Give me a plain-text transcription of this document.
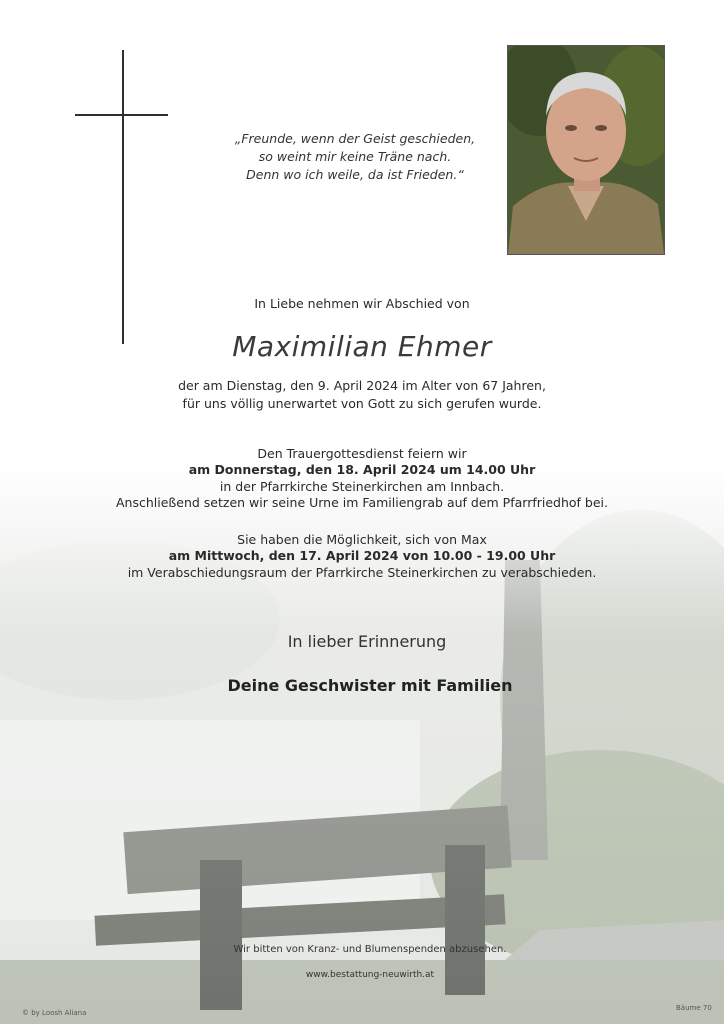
„Freunde, wenn der Geist geschieden,
so weint mir keine Träne nach.
Denn wo ich weile, da ist Frieden.“
In Liebe nehmen wir Abschied von
Maximilian Ehmer
der am Dienstag, den 9. April 2024 im Alter von 67 Jahren,
für uns völlig unerwartet von Gott zu sich gerufen wurde.
Den Trauergottesdienst feiern wir
am Donnerstag, den 18. April 2024 um 14.00 Uhr
in der Pfarrkirche Steinerkirchen am Innbach.
Anschließend setzen wir seine Urne im Familiengrab auf dem Pfarrfriedhof bei.
Sie haben die Möglichkeit, sich von Max
am Mittwoch, den 17. April 2024 von 10.00 - 19.00 Uhr
im Verabschiedungsraum der Pfarrkirche Steinerkirchen zu verabschieden.
In lieber Erinnerung
Deine Geschwister mit Familien
Wir bitten von Kranz- und Blumenspenden abzusehen.
www.bestattung-neuwirth.at
© by Loosh Aliana
Bäume 70
